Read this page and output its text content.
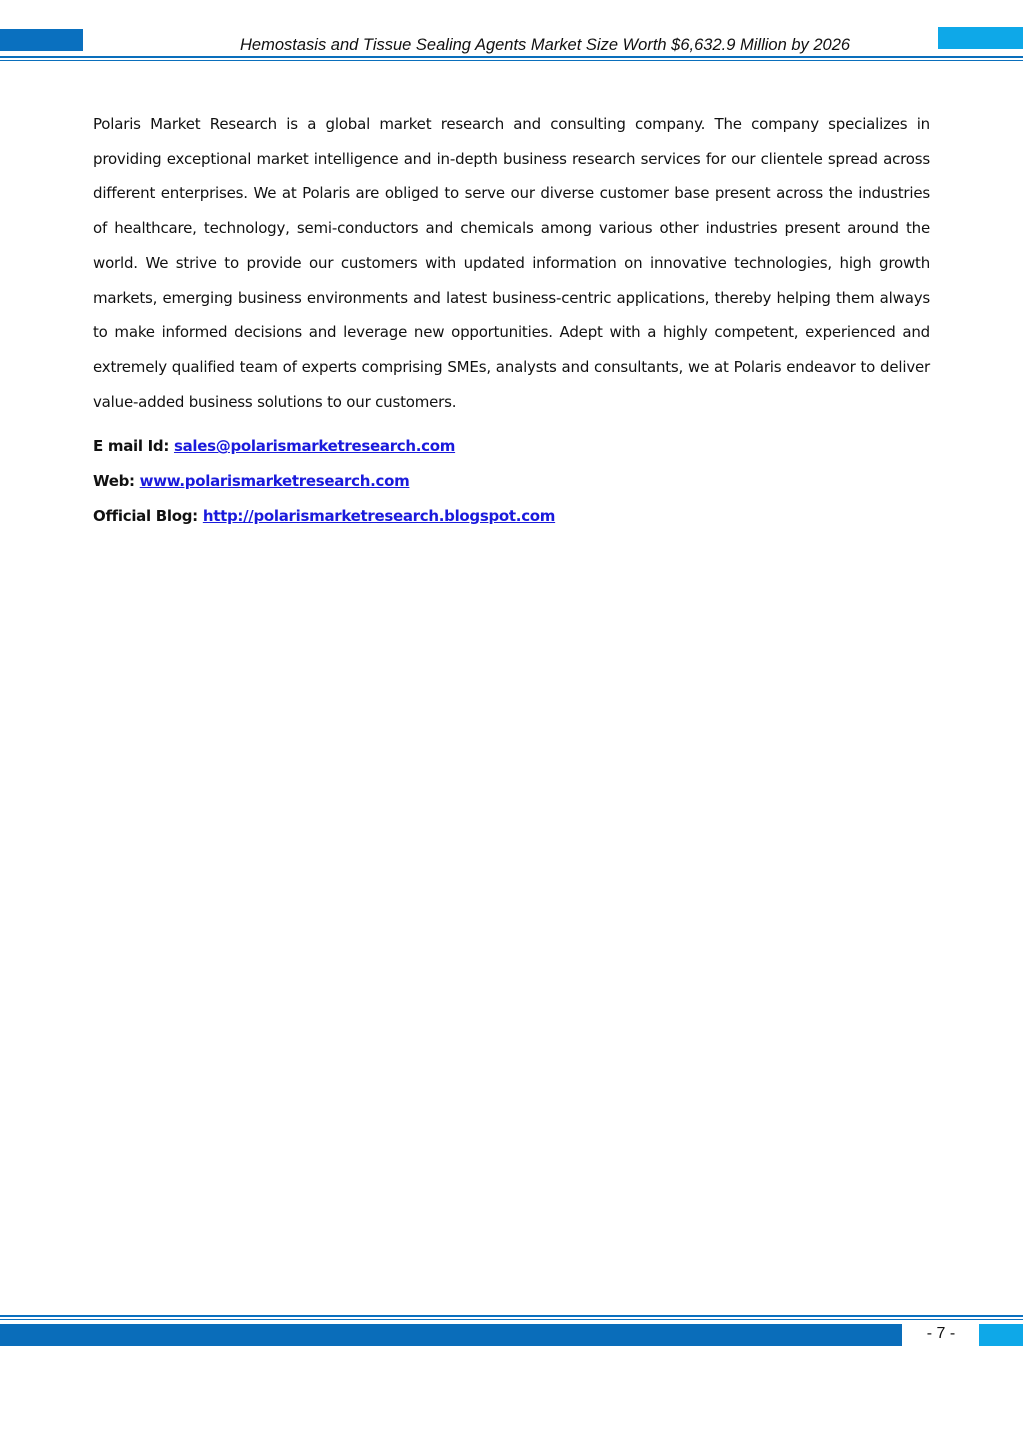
Hemostasis and Tissue Sealing Agents Market Size Worth $6,632.9 Million by 2026

Polaris Market Research is a global market research and consulting company. The company specializes in providing exceptional market intelligence and in-depth business research services for our clientele spread across different enterprises. We at Polaris are obliged to serve our diverse customer base present across the industries of healthcare, technology, semi-conductors and chemicals among various other industries present around the world. We strive to provide our customers with updated information on innovative technologies, high growth markets, emerging business environments and latest business-centric applications, thereby helping them always to make informed decisions and leverage new opportunities. Adept with a highly competent, experienced and extremely qualified team of experts comprising SMEs, analysts and consultants, we at Polaris endeavor to deliver value-added business solutions to our customers.

E mail Id: sales@polarismarketresearch.com
Web: www.polarismarketresearch.com
Official Blog: http://polarismarketresearch.blogspot.com
- 7 -
